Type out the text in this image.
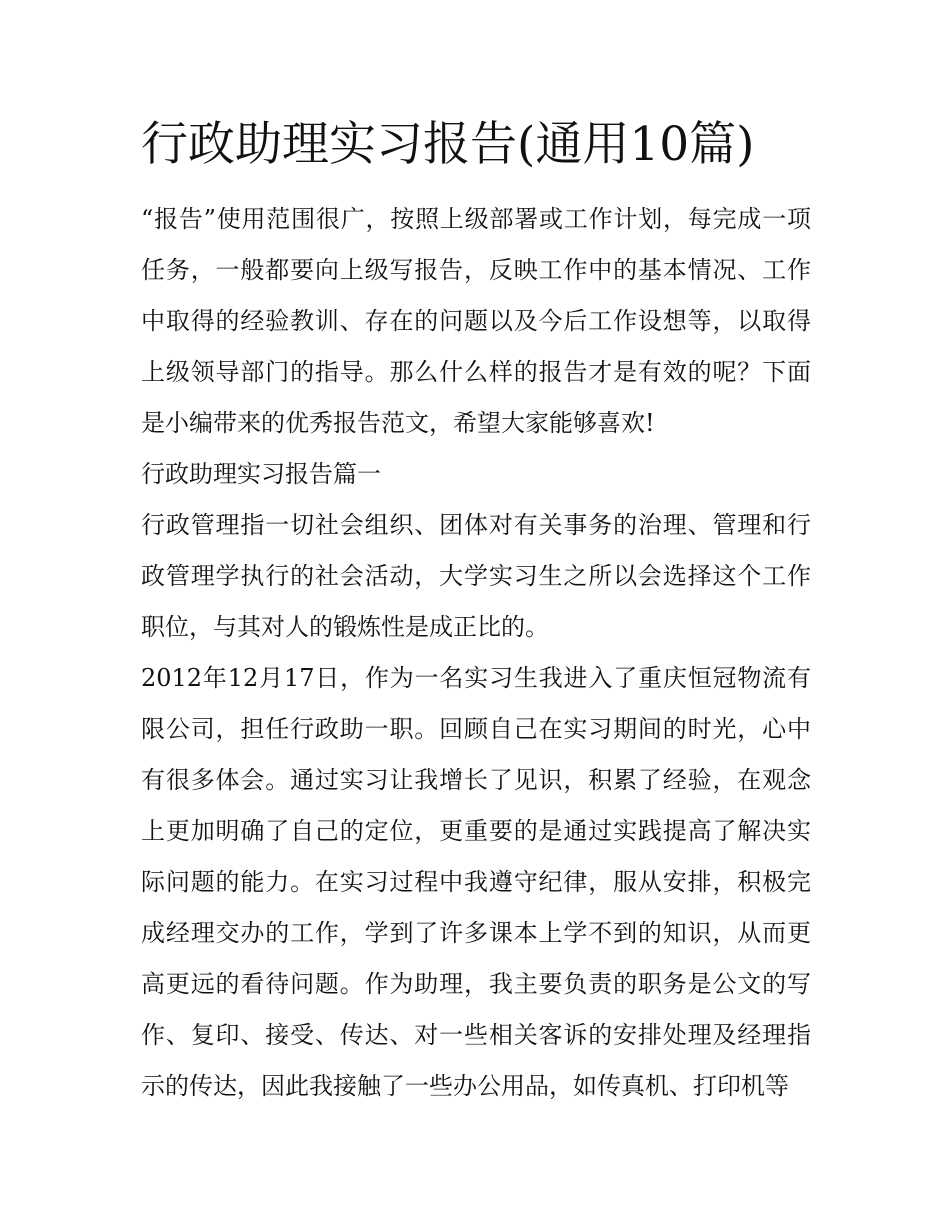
行政助理实习报告(通用10篇)

“报告”使用范围很广，按照上级部署或工作计划，每完成一项任务，一般都要向上级写报告，反映工作中的基本情况、工作中取得的经验教训、存在的问题以及今后工作设想等，以取得上级领导部门的指导。那么什么样的报告才是有效的呢？下面是小编带来的优秀报告范文，希望大家能够喜欢!

行政助理实习报告篇一

行政管理指一切社会组织、团体对有关事务的治理、管理和行政管理学执行的社会活动，大学实习生之所以会选择这个工作职位，与其对人的锻炼性是成正比的。

2012年12月17日，作为一名实习生我进入了重庆恒冠物流有限公司，担任行政助一职。回顾自己在实习期间的时光，心中有很多体会。通过实习让我增长了见识，积累了经验，在观念上更加明确了自己的定位，更重要的是通过实践提高了解决实际问题的能力。在实习过程中我遵守纪律，服从安排，积极完成经理交办的工作，学到了许多课本上学不到的知识，从而更高更远的看待问题。作为助理，我主要负责的职务是公文的写作、复印、接受、传达、对一些相关客诉的安排处理及经理指示的传达，因此我接触了一些办公用品，如传真机、打印机等
